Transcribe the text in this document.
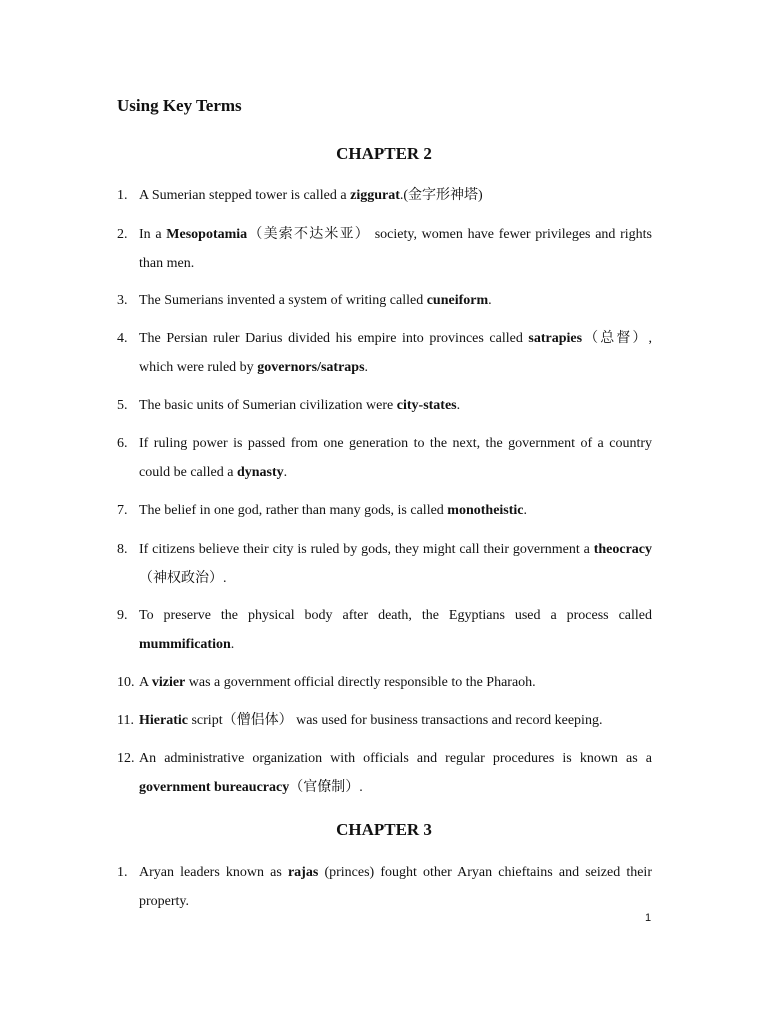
Using Key Terms
CHAPTER 2
1. A Sumerian stepped tower is called a ziggurat.(金字形神塔)
2. In a Mesopotamia（美索不达米亚） society, women have fewer privileges and rights than men.
3. The Sumerians invented a system of writing called cuneiform.
4. The Persian ruler Darius divided his empire into provinces called satrapies（总督）, which were ruled by governors/satraps.
5. The basic units of Sumerian civilization were city-states.
6. If ruling power is passed from one generation to the next, the government of a country could be called a dynasty.
7. The belief in one god, rather than many gods, is called monotheistic.
8. If citizens believe their city is ruled by gods, they might call their government a theocracy（神权政治）.
9. To preserve the physical body after death, the Egyptians used a process called mummification.
10. A vizier was a government official directly responsible to the Pharaoh.
11. Hieratic script（僧侣体） was used for business transactions and record keeping.
12. An administrative organization with officials and regular procedures is known as a government bureaucracy（官僚制）.
CHAPTER 3
1. Aryan leaders known as rajas (princes) fought other Aryan chieftains and seized their property.
1
